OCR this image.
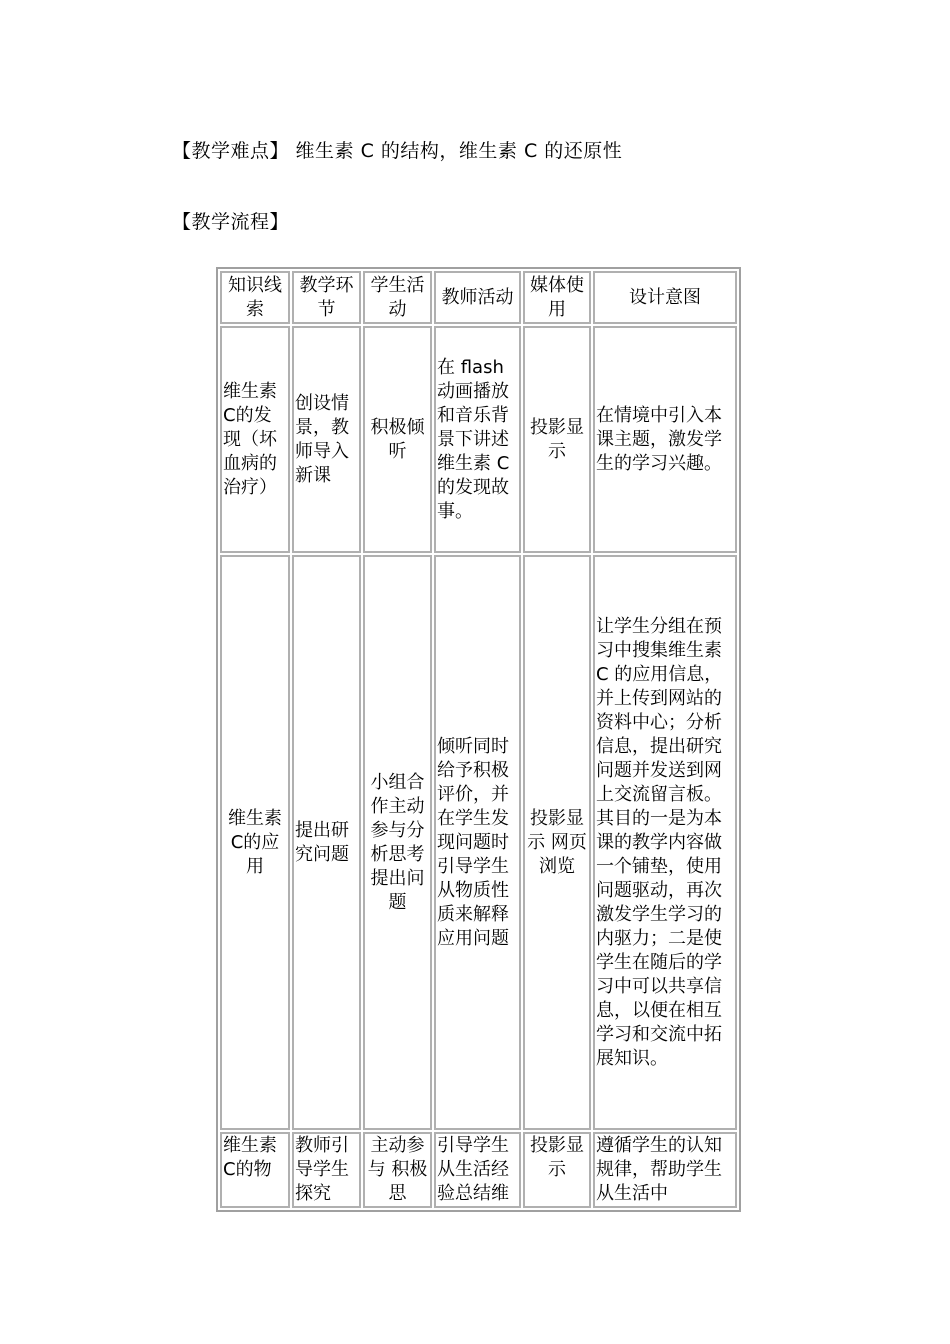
【教学难点】 维生素 C 的结构，维生素 C 的还原性
【教学流程】
知识线索	教学环节	学生活动	教师活动	媒体使用	设计意图
维生素C的发现（坏血病的治疗）	创设情景，教师导入新课	积极倾听	在 flash 动画播放和音乐背景下讲述维生素 C 的发现故事。	投影显示	在情境中引入本课主题，激发学生的学习兴趣。
维生素C的应用	提出研究问题	小组合作主动参与分析思考提出问题	倾听同时给予积极评价，并在学生发现问题时引导学生从物质性质来解释应用问题	投影显示 网页浏览	让学生分组在预习中搜集维生素 C 的应用信息，并上传到网站的资料中心；分析信息，提出研究问题并发送到网上交流留言板。其目的一是为本课的教学内容做一个铺垫，使用问题驱动，再次激发学生学习的内驱力；二是使学生在随后的学习中可以共享信息，以便在相互学习和交流中拓展知识。
维生素C的物	教师引导学生探究	主动参与 积极思	引导学生从生活经验总结维	投影显示	遵循学生的认知规律，帮助学生从生活中
